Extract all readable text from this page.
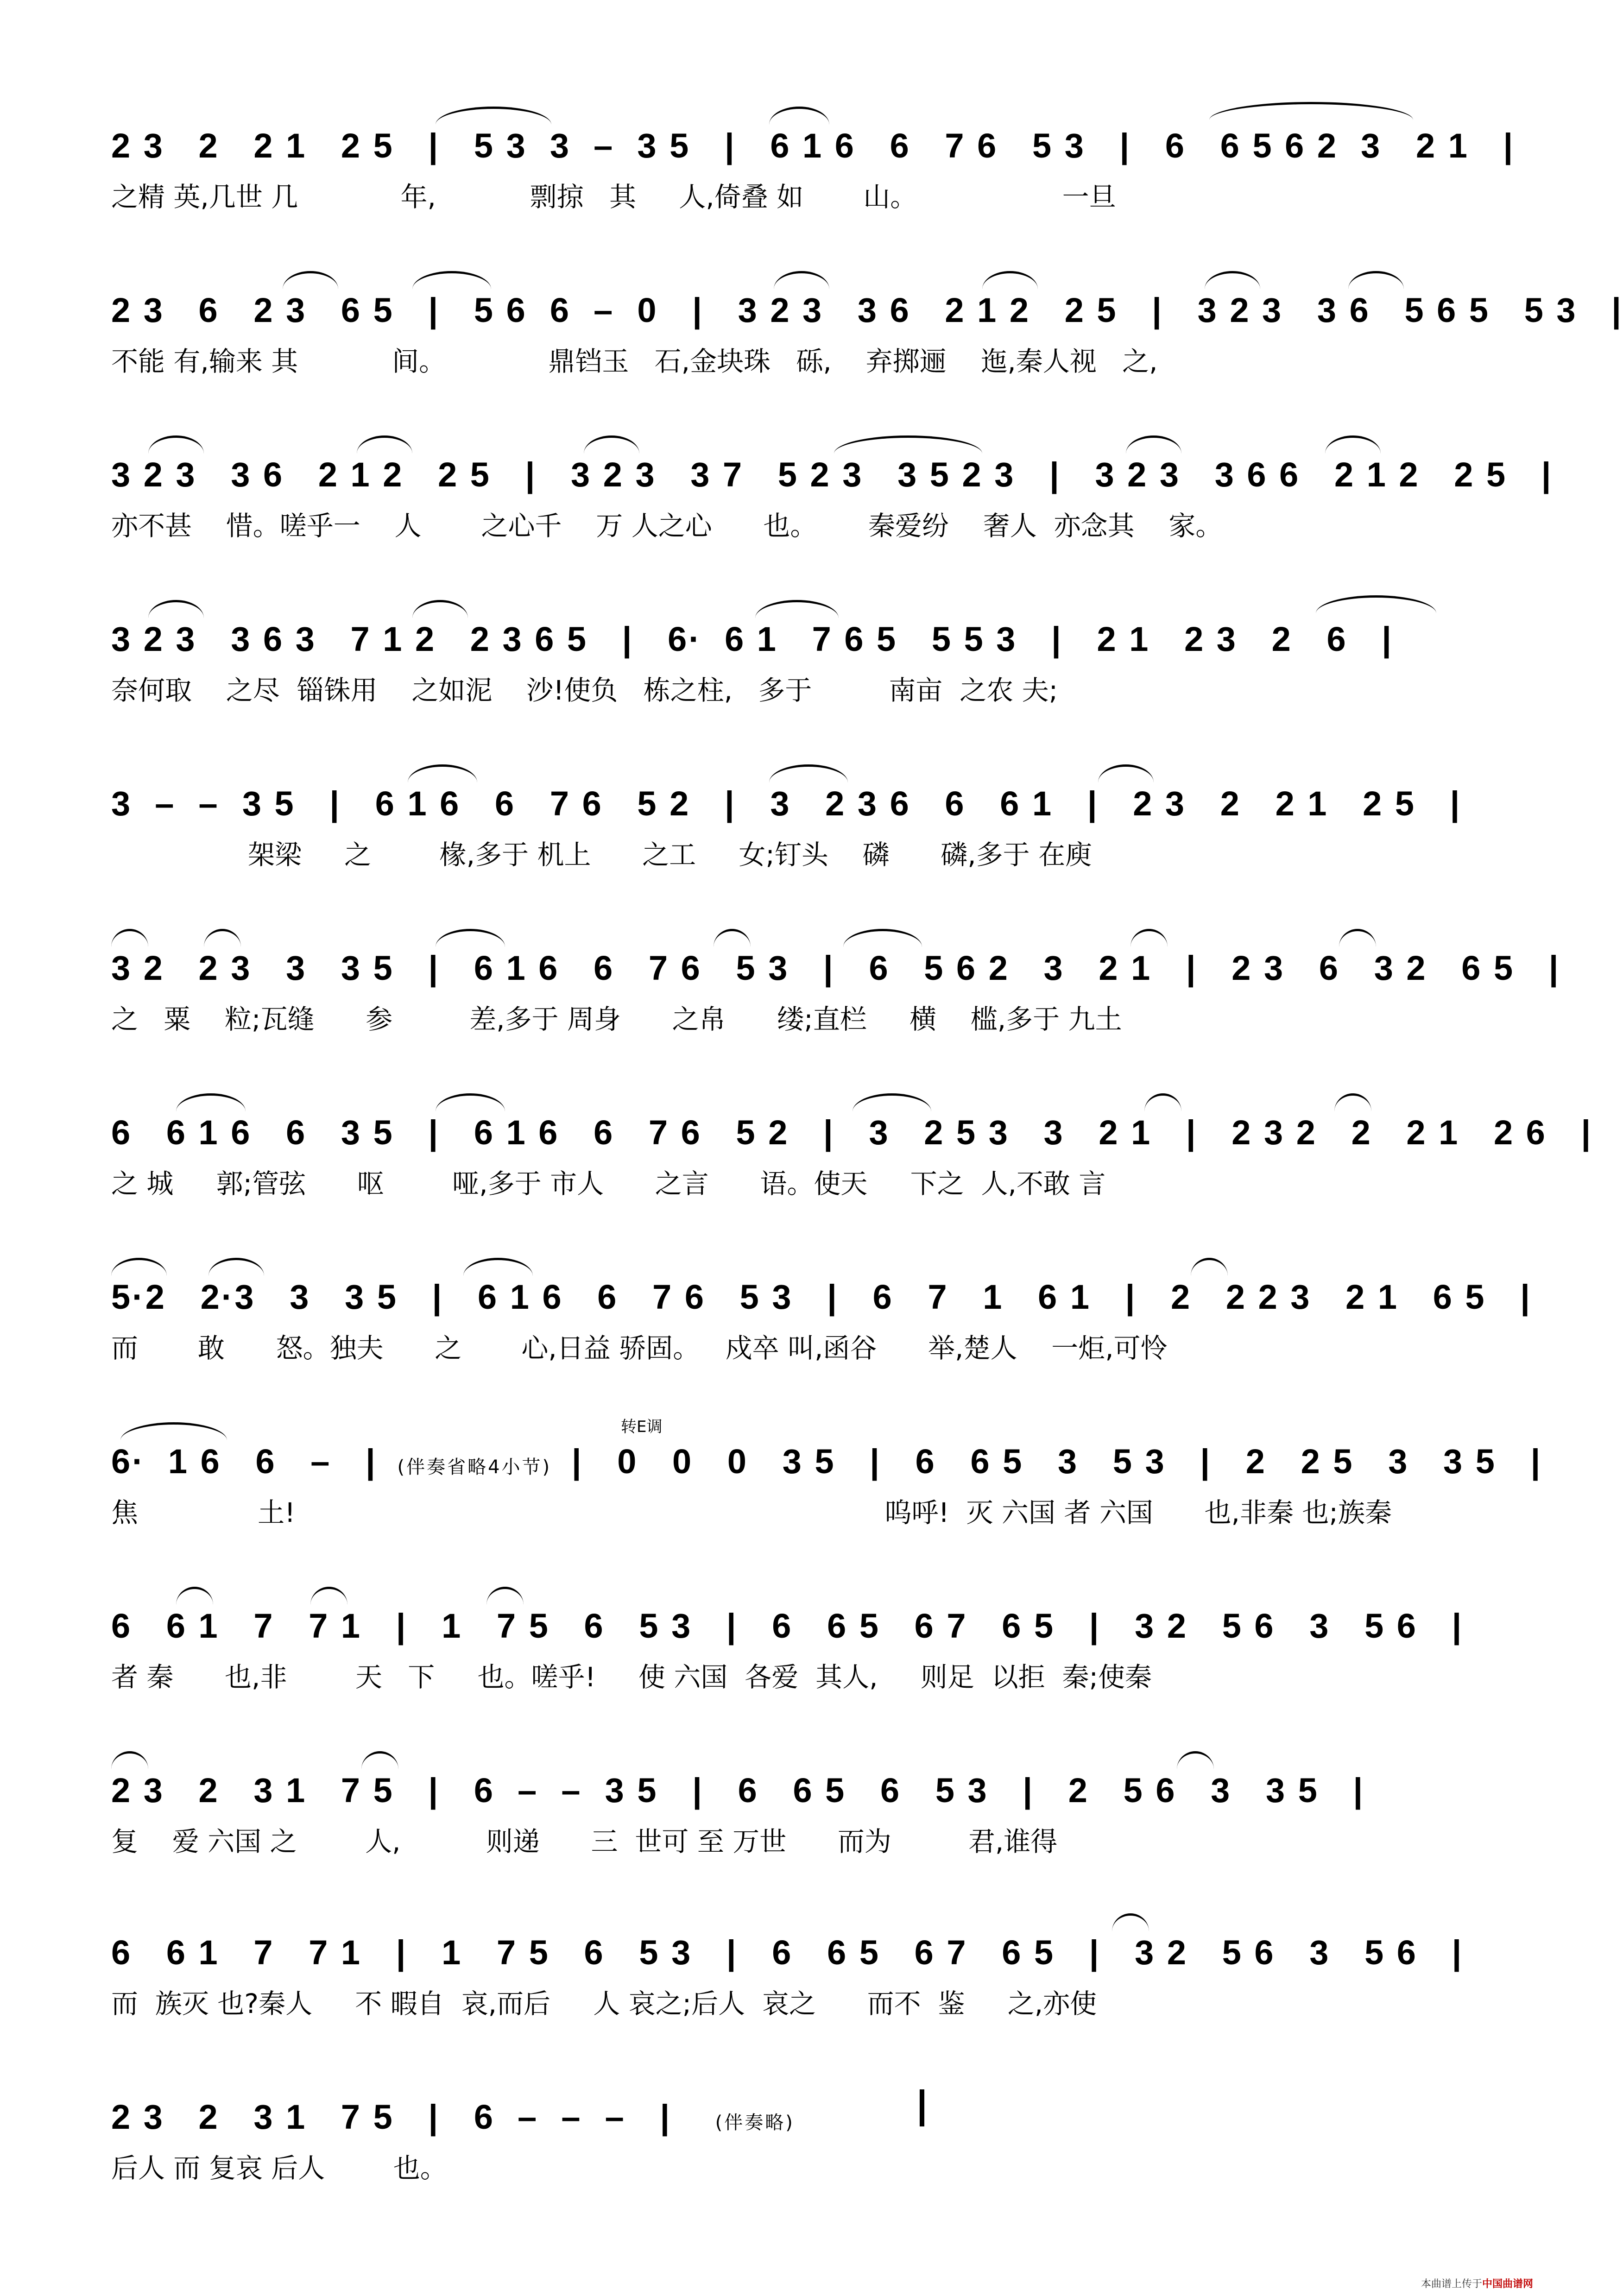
2 3   2   2 1   2 5   |   5 3  3  –  3 5   |   6 1 6   6   7 6   5 3   |   6   6 5 6 2  3   2 1   |
之精 英,几世 几            年,           剽掠   其     人,倚叠 如       山。                 一旦
2 3   6   2 3   6 5   |   5 6  6  –  0   |   3 2 3   3 6   2 1 2   2 5   |   3 2 3   3 6   5 6 5   5 3   |
不能 有,输来 其           间。            鼎铛玉   石,金块珠   砾,    弃掷逦    迤,秦人视   之,
3 2 3   3 6   2 1 2   2 5   |   3 2 3   3 7   5 2 3   3 5 2 3   |   3 2 3   3 6 6   2 1 2   2 5   |
亦不甚    惜。嗟乎一    人       之心千    万 人之心      也。      秦爱纷    奢人  亦念其    家。
3 2 3   3 6 3   7 1 2   2 3 6 5   |   6·  6 1   7 6 5   5 5 3   |   2 1   2 3   2   6   |
奈何取    之尽  锱铢用    之如泥    沙!使负   栋之柱,   多于         南亩  之农 夫;
3  –  –  3 5   |   6 1 6   6   7 6   5 2   |   3   2 3 6   6   6 1   |   2 3   2   2 1   2 5   |
架梁     之        椽,多于 机上      之工     女;钉头    磷      磷,多于 在庾
3 2   2 3   3   3 5   |   6 1 6   6   7 6   5 3   |   6   5 6 2   3   2 1   |   2 3   6   3 2   6 5   |
之   粟    粒;瓦缝      参         差,多于 周身      之帛      缕;直栏     横    槛,多于 九土
6   6 1 6   6   3 5   |   6 1 6   6   7 6   5 2   |   3   2 5 3   3   2 1   |   2 3 2   2   2 1   2 6   |
之 城     郭;管弦      呕        哑,多于 市人      之言      语。使天     下之  人,不敢 言
5·2   2·3   3   3 5   |   6 1 6   6   7 6   5 3   |   6   7   1   6 1   |   2   2 2 3   2 1   6 5   |
而       敢      怒。独夫      之       心,日益 骄固。   戍卒 叫,函谷      举,楚人    一炬,可怜
转E调
6·  1 6   6   –   | (伴奏省略4小节) |   0   0   0   3 5   |   6   6 5   3   5 3   |   2   2 5   3   3 5   |
焦              土!                                                                     呜呼!  灭 六国 者 六国      也,非秦 也;族秦
6   6 1   7   7 1   |   1   7 5   6   5 3   |   6   6 5   6 7   6 5   |   3 2   5 6   3   5 6   |
者 秦      也,非        天   下     也。嗟乎!     使 六国  各爱  其人,     则足  以拒  秦;使秦
2 3   2   3 1   7 5   |   6  –  –  3 5   |   6   6 5   6   5 3   |   2   5 6   3   3 5   |
复    爱 六国 之        人,          则递      三  世可 至 万世      而为         君,谁得
6   6 1   7   7 1   |   1   7 5   6   5 3   |   6   6 5   6 7   6 5   |   3 2   5 6   3   5 6   |
而  族灭 也?秦人     不 暇自  哀,而后     人 哀之;后人  哀之      而不  鉴     之,亦使
2 3   2   3 1   7 5   |   6  –  –  –   | (伴奏略)
后人 而 复哀 后人        也。
本曲谱上传于中国曲谱网
